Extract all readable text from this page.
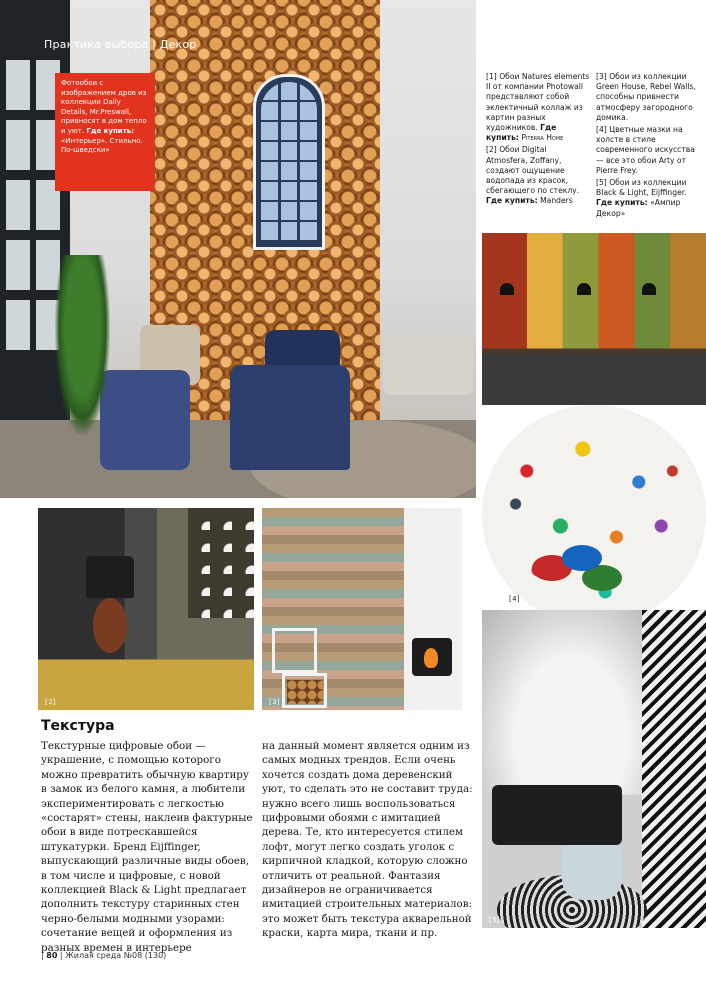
Практика выбора | Декор
Фотообои с изображением дров из коллекции Daily Details, Mr.Preswall, привносят в дом тепло и уют. Где купить: «Интерьер». Стильно. По-шведски»

[1] Обои Natures elements II от компании Photowall представляют собой эклектичный коллаж из картин разных художников. Где купить: Piterra Home

[2] Обои Digital Atmosfera, Zoffany, создают ощущение водопада из красок, сбегающего по стеклу. Где купить: Manders

[3] Обои из коллекции Green House, Rebel Walls, способны привнести атмосферу загородного домика.

[4] Цветные мазки на холсте в стиле современного искусства — все это обои Arty от Pierre Frey.

[5] Обои из коллекции Black & Light, Eijffinger. Где купить: «Ампир Декор»

[4]
[5]
[2]	[3]
Текстура

Текстурные цифровые обои — украшение, с помощью которого можно превратить обычную квартиру в замок из белого камня, а любители экспериментировать с легкостью «состарят» стены, наклеив фактурные обои в виде потрескавшейся штукатурки. Бренд Eijffinger, выпускающий различные виды обоев, в том числе и цифровые, с новой коллекцией Black & Light предлагает дополнить текстуру старинных стен черно-белыми модными узорами: сочетание вещей и оформления из разных времен в интерьере

на данный момент является одним из самых модных трендов. Если очень хочется создать дома деревенский уют, то сделать это не составит труда: нужно всего лишь воспользоваться цифровыми обоями с имитацией дерева. Те, кто интересуется стилем лофт, могут легко создать уголок с кирпичной кладкой, которую сложно отличить от реальной. Фантазия дизайнеров не ограничивается имитацией строительных материалов: это может быть текстура акварельной краски, карта мира, ткани и пр.

| 80 | Жилая среда №08 (130)
